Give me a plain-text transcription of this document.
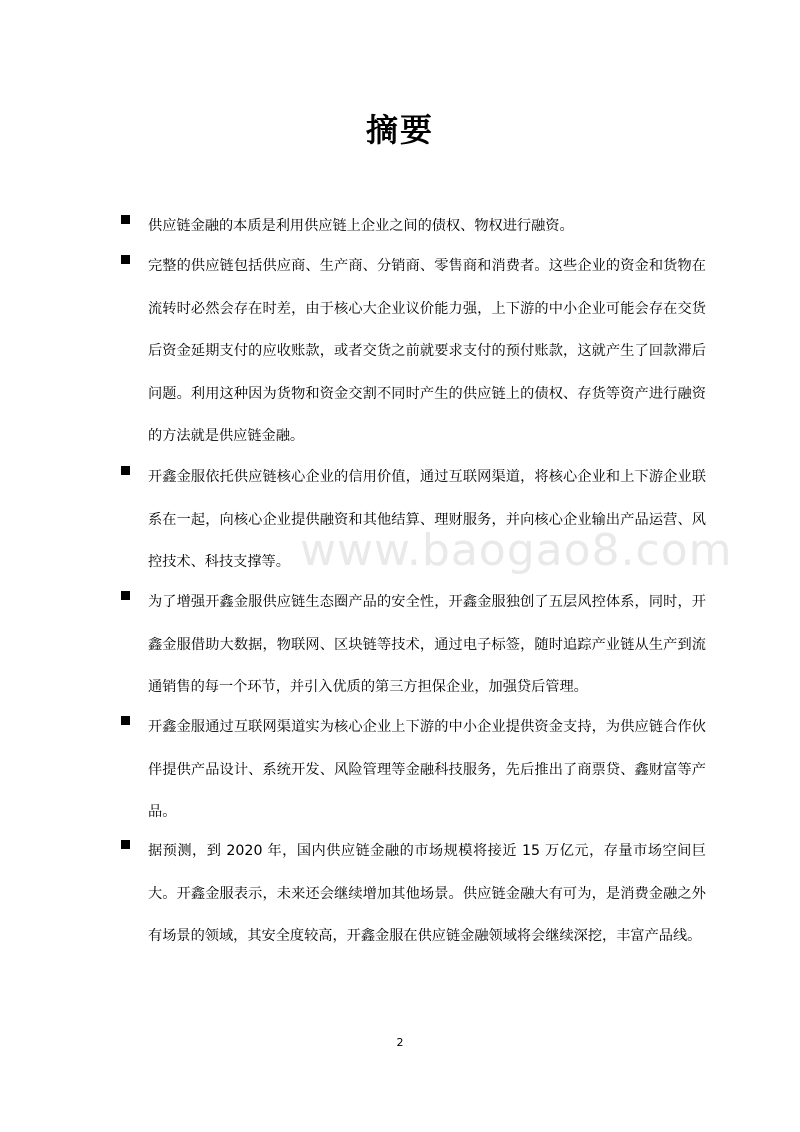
摘要
www.baogao8.com
供应链金融的本质是利用供应链上企业之间的债权、物权进行融资。
完整的供应链包括供应商、生产商、分销商、零售商和消费者。这些企业的资金和货物在流转时必然会存在时差，由于核心大企业议价能力强，上下游的中小企业可能会存在交货后资金延期支付的应收账款，或者交货之前就要求支付的预付账款，这就产生了回款滞后问题。利用这种因为货物和资金交割不同时产生的供应链上的债权、存货等资产进行融资的方法就是供应链金融。
开鑫金服依托供应链核心企业的信用价值，通过互联网渠道，将核心企业和上下游企业联系在一起，向核心企业提供融资和其他结算、理财服务，并向核心企业输出产品运营、风控技术、科技支撑等。
为了增强开鑫金服供应链生态圈产品的安全性，开鑫金服独创了五层风控体系，同时，开鑫金服借助大数据，物联网、区块链等技术，通过电子标签，随时追踪产业链从生产到流通销售的每一个环节，并引入优质的第三方担保企业，加强贷后管理。
开鑫金服通过互联网渠道实为核心企业上下游的中小企业提供资金支持，为供应链合作伙伴提供产品设计、系统开发、风险管理等金融科技服务，先后推出了商票贷、鑫财富等产品。
据预测，到 2020 年，国内供应链金融的市场规模将接近 15 万亿元，存量市场空间巨大。开鑫金服表示，未来还会继续增加其他场景。供应链金融大有可为，是消费金融之外有场景的领域，其安全度较高，开鑫金服在供应链金融领域将会继续深挖，丰富产品线。
2
